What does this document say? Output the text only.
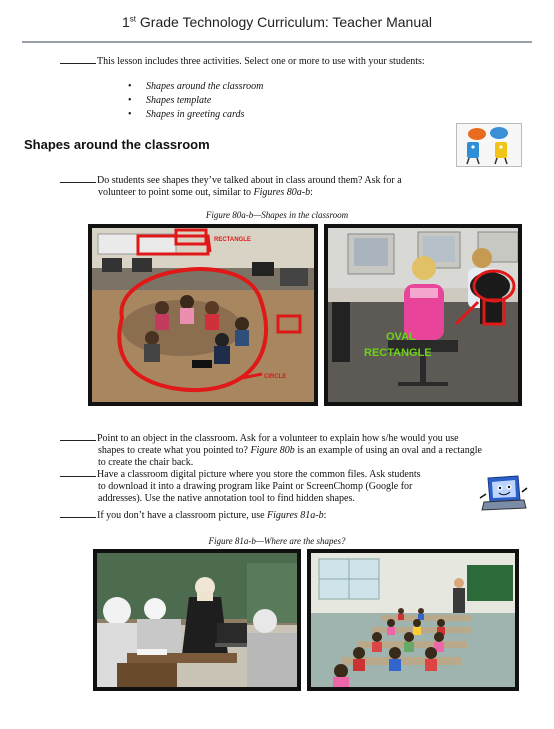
1st Grade Technology Curriculum: Teacher Manual
This lesson includes three activities. Select one or more to use with your students:
• Shapes around the classroom
• Shapes template
• Shapes in greeting cards
Shapes around the classroom
Do students see shapes they’ve talked about in class around them? Ask for a
volunteer to point some out, similar to Figures 80a-b:
Figure 80a-b—Shapes in the classroom
RECTANGLE
CIRCLE
OVAL
RECTANGLE
Point to an object in the classroom. Ask for a volunteer to explain how s/he would you use
shapes to create what you pointed to? Figure 80b is an example of using an oval and a rectangle
to create the chair back.
Have a classroom digital picture where you store the common files. Ask students
to download it into a drawing program like Paint or ScreenChomp (Google for
addresses). Use the native annotation tool to find hidden shapes.
If you don’t have a classroom picture, use Figures 81a-b:
Figure 81a-b—Where are the shapes?
